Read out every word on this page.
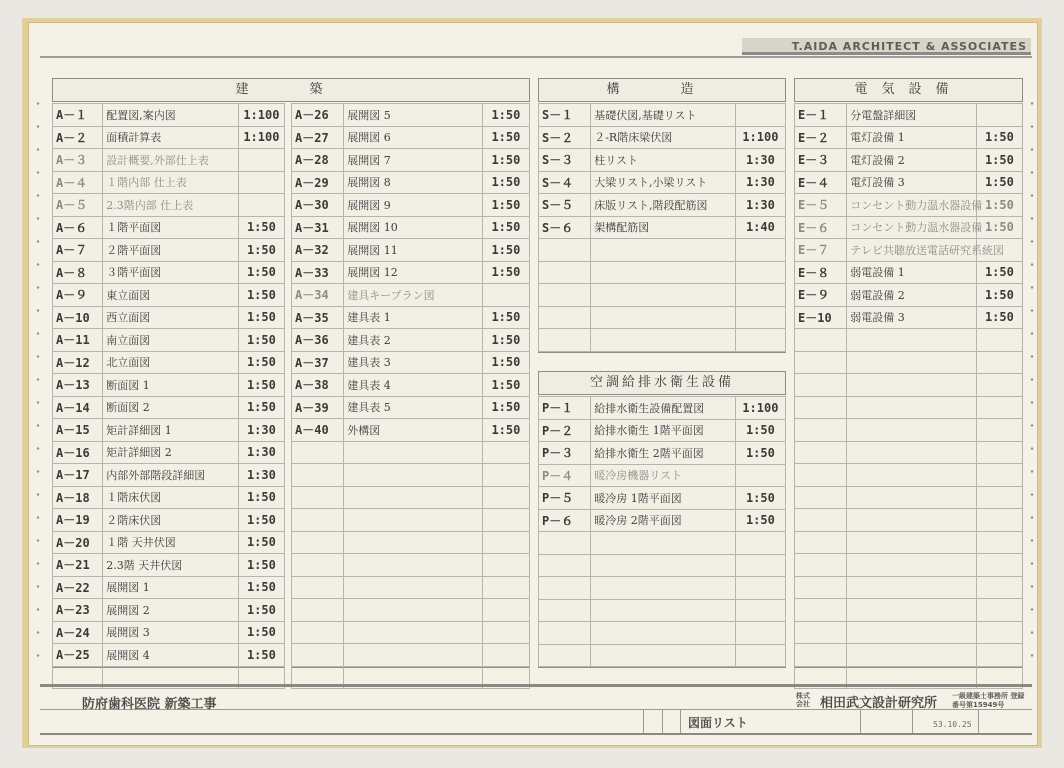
T.AIDA ARCHITECT & ASSOCIATES
建　築
A－１	配置図,案内図	1:100
A－２	面積計算表	1:100
A－３	設計概要,外部仕上表	
A－４	１階内部 仕上表	
A－５	2.3階内部 仕上表	
A－６	１階平面図	1:50
A－７	２階平面図	1:50
A－８	３階平面図	1:50
A－９	東立面図	1:50
A－10	西立面図	1:50
A－11	南立面図	1:50
A－12	北立面図	1:50
A－13	断面図 1	1:50
A－14	断面図 2	1:50
A－15	矩計詳細図 1	1:30
A－16	矩計詳細図 2	1:30
A－17	内部外部階段詳細図	1:30
A－18	１階床伏図	1:50
A－19	２階床伏図	1:50
A－20	１階 天井伏図	1:50
A－21	2.3階 天井伏図	1:50
A－22	展開図 1	1:50
A－23	展開図 2	1:50
A－24	展開図 3	1:50
A－25	展開図 4	1:50

A－26	展開図 5	1:50
A－27	展開図 6	1:50
A－28	展開図 7	1:50
A－29	展開図 8	1:50
A－30	展開図 9	1:50
A－31	展開図 10	1:50
A－32	展開図 11	1:50
A－33	展開図 12	1:50
A－34	建具キープラン図	
A－35	建具表 1	1:50
A－36	建具表 2	1:50
A－37	建具表 3	1:50
A－38	建具表 4	1:50
A－39	建具表 5	1:50
A－40	外構図	1:50

構　造
S－１	基礎伏図,基礎リスト	
S－２	２-R階床梁伏図	1:100
S－３	柱リスト	1:30
S－４	大梁リスト,小梁リスト	1:30
S－５	床版リスト,階段配筋図	1:30
S－６	架構配筋図	1:40

空調給排水衛生設備
P－１	給排水衛生設備配置図	1:100
P－２	給排水衛生 1階平面図	1:50
P－３	給排水衛生 2階平面図	1:50
P－４	暖冷房機器リスト	
P－５	暖冷房 1階平面図	1:50
P－６	暖冷房 2階平面図	1:50

電気設備
E－１	分電盤詳細図	
E－２	電灯設備 1	1:50
E－３	電灯設備 2	1:50
E－４	電灯設備 3	1:50
E－５	コンセント動力温水器設備	1:50
E－６	コンセント動力温水器設備	1:50
E－７	テレビ共聴放送電話研究系統図	
E－８	弱電設備 1	1:50
E－９	弱電設備 2	1:50
E－10	弱電設備 3	1:50

防府歯科医院 新築工事
株式会社 相田武文設計研究所 一級建築士事務所 登録番号第15949号
図面リスト	53.10.25
